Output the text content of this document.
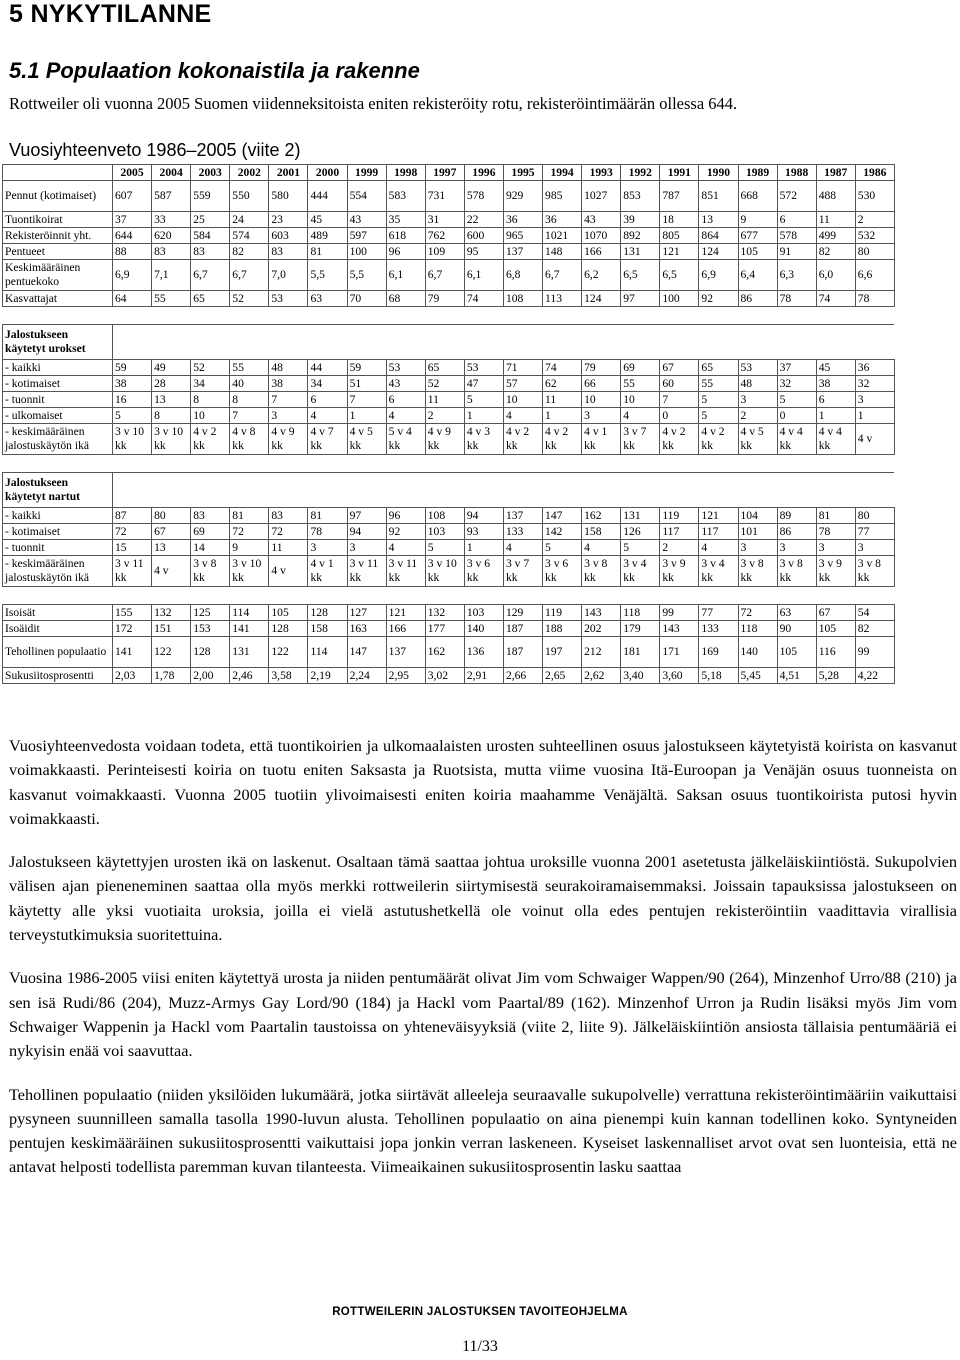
5 NYKYTILANNE
5.1 Populaation kokonaistila ja rakenne
Rottweiler oli vuonna 2005 Suomen viidenneksitoista eniten rekisteröity rotu, rekisteröintimäärän ollessa 644.
Vuosiyhteenveto 1986–2005 (viite 2)
	2005	2004	2003	2002	2001	2000	1999	1998	1997	1996	1995	1994	1993	1992	1991	1990	1989	1988	1987	1986
Pennut (kotimaiset)	607	587	559	550	580	444	554	583	731	578	929	985	1027	853	787	851	668	572	488	530
Tuontikoirat	37	33	25	24	23	45	43	35	31	22	36	36	43	39	18	13	9	6	11	2
Rekisteröinnit yht.	644	620	584	574	603	489	597	618	762	600	965	1021	1070	892	805	864	677	578	499	532
Pentueet	88	83	83	82	83	81	100	96	109	95	137	148	166	131	121	124	105	91	82	80
Keskimääräinen pentuekoko	6,9	7,1	6,7	6,7	7,0	5,5	5,5	6,1	6,7	6,1	6,8	6,7	6,2	6,5	6,5	6,9	6,4	6,3	6,0	6,6
Kasvattajat	64	55	65	52	53	63	70	68	79	74	108	113	124	97	100	92	86	78	74	78

Jalostukseen käytetyt urokset																				
- kaikki	59	49	52	55	48	44	59	53	65	53	71	74	79	69	67	65	53	37	45	36
- kotimaiset	38	28	34	40	38	34	51	43	52	47	57	62	66	55	60	55	48	32	38	32
- tuonnit	16	13	8	8	7	6	7	6	11	5	10	11	10	10	7	5	3	5	6	3
- ulkomaiset	5	8	10	7	3	4	1	4	2	1	4	1	3	4	0	5	2	0	1	1
- keskimääräinen jalostuskäytön ikä	3 v 10 kk	3 v 10 kk	4 v 2 kk	4 v 8 kk	4 v 9 kk	4 v 7 kk	4 v 5 kk	5 v 4 kk	4 v 9 kk	4 v 3 kk	4 v 2 kk	4 v 2 kk	4 v 1 kk	3 v 7 kk	4 v 2 kk	4 v 2 kk	4 v 5 kk	4 v 4 kk	4 v 4 kk	4 v

Jalostukseen käytetyt nartut																				
- kaikki	87	80	83	81	83	81	97	96	108	94	137	147	162	131	119	121	104	89	81	80
- kotimaiset	72	67	69	72	72	78	94	92	103	93	133	142	158	126	117	117	101	86	78	77
- tuonnit	15	13	14	9	11	3	3	4	5	1	4	5	4	5	2	4	3	3	3	3
- keskimääräinen jalostuskäytön ikä	3 v 11 kk	4 v	3 v 8 kk	3 v 10 kk	4 v	4 v 1 kk	3 v 11 kk	3 v 11 kk	3 v 10 kk	3 v 6 kk	3 v 7 kk	3 v 6 kk	3 v 8 kk	3 v 4 kk	3 v 9 kk	3 v 4 kk	3 v 8 kk	3 v 8 kk	3 v 9 kk	3 v 8 kk

Isoisät	155	132	125	114	105	128	127	121	132	103	129	119	143	118	99	77	72	63	67	54
Isoäidit	172	151	153	141	128	158	163	166	177	140	187	188	202	179	143	133	118	90	105	82
Tehollinen populaatio	141	122	128	131	122	114	147	137	162	136	187	197	212	181	171	169	140	105	116	99
Sukusiitosprosentti	2,03	1,78	2,00	2,46	3,58	2,19	2,24	2,95	3,02	2,91	2,66	2,65	2,62	3,40	3,60	5,18	5,45	4,51	5,28	4,22

Vuosiyhteenvedosta voidaan todeta, että tuontikoirien ja ulkomaalaisten urosten suhteellinen osuus jalostukseen käytetyistä koirista on kasvanut voimakkaasti. Perinteisesti koiria on tuotu eniten Saksasta ja Ruotsista, mutta viime vuosina Itä-Euroopan ja Venäjän osuus tuonneista on kasvanut voimakkaasti. Vuonna 2005 tuotiin ylivoimaisesti eniten koiria maahamme Venäjältä. Saksan osuus tuontikoirista putosi hyvin voimakkaasti.

Jalostukseen käytettyjen urosten ikä on laskenut. Osaltaan tämä saattaa johtua uroksille vuonna 2001 asetetusta jälkeläiskiintiöstä. Sukupolvien välisen ajan pieneneminen saattaa olla myös merkki rottweilerin siirtymisestä seurakoiramaisemmaksi. Joissain tapauksissa jalostukseen on käytetty alle yksi vuotiaita uroksia, joilla ei vielä astutushetkellä ole voinut olla edes pentujen rekisteröintiin vaadittavia virallisia terveystutkimuksia suoritettuina.

Vuosina 1986-2005 viisi eniten käytettyä urosta ja niiden pentumäärät olivat Jim vom Schwaiger Wappen/90 (264), Minzenhof Urro/88 (210) ja sen isä Rudi/86 (204), Muzz-Armys Gay Lord/90 (184) ja Hackl vom Paartal/89 (162). Minzenhof Urron ja Rudin lisäksi myös Jim vom Schwaiger Wappenin ja Hackl vom Paartalin taustoissa on yhteneväisyyksiä (viite 2, liite 9). Jälkeläiskiintiön ansiosta tällaisia pentumääriä ei nykyisin enää voi saavuttaa.

Tehollinen populaatio (niiden yksilöiden lukumäärä, jotka siirtävät alleeleja seuraavalle sukupolvelle) verrattuna rekisteröintimääriin vaikuttaisi pysyneen suunnilleen samalla tasolla 1990-luvun alusta. Tehollinen populaatio on aina pienempi kuin kannan todellinen koko. Syntyneiden pentujen keskimääräinen sukusiitosprosentti vaikuttaisi jopa jonkin verran laskeneen. Kyseiset laskennalliset arvot ovat sen luonteisia, että ne antavat helposti todellista paremman kuvan tilanteesta. Viimeaikainen sukusiitosprosentin lasku saattaa

ROTTWEILERIN JALOSTUKSEN TAVOITEOHJELMA
11/33
